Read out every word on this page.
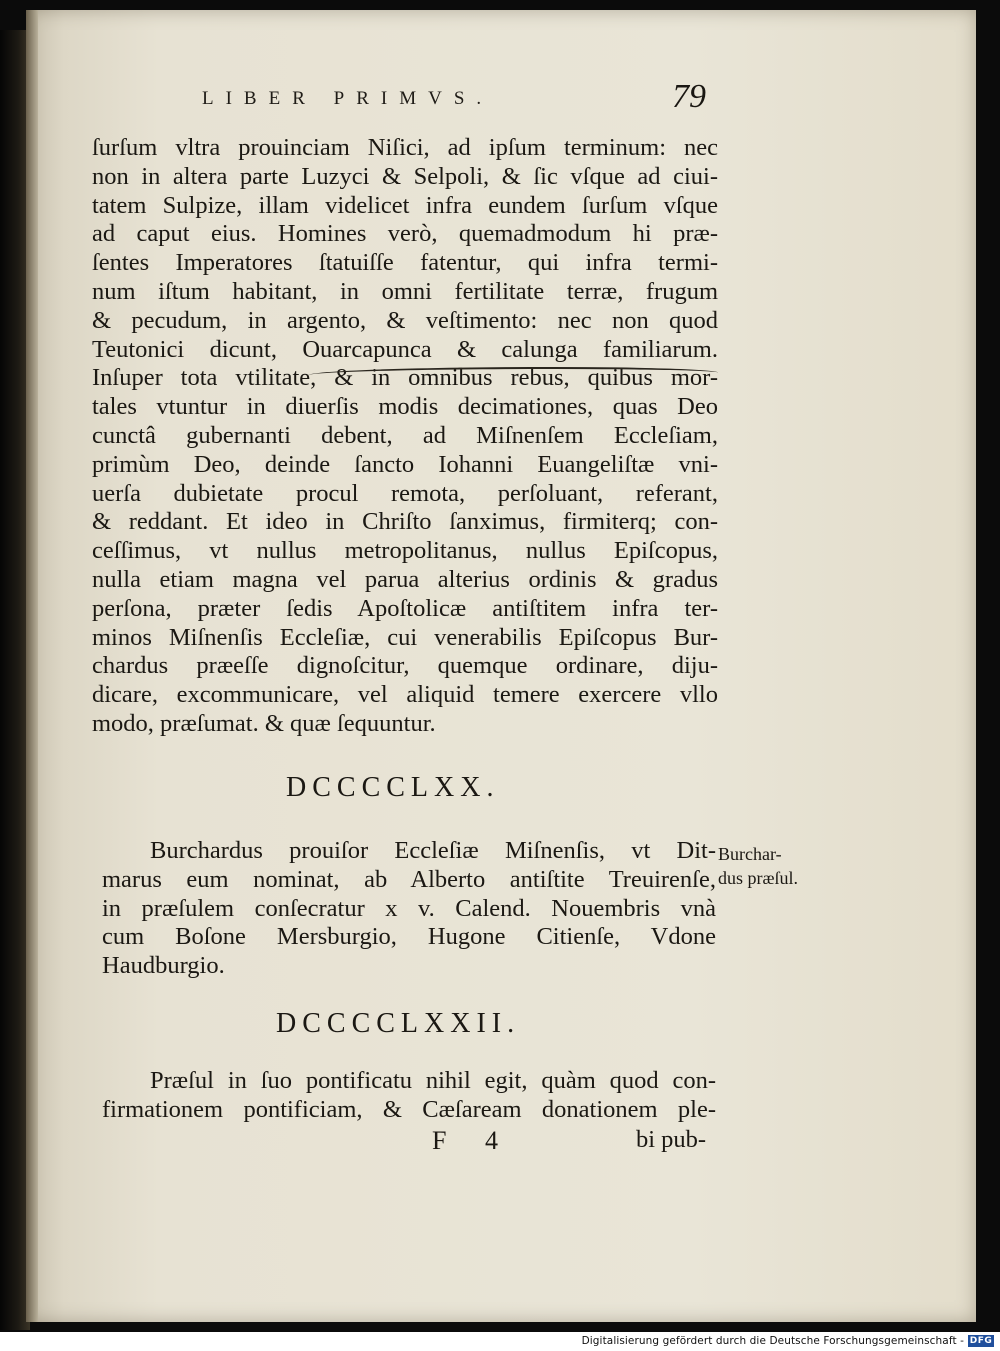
LIBER PRIMVS.	79
ſurſum vltra prouinciam Niſici, ad ipſum terminum: nec
non in altera parte Luzyci & Selpoli, & ſic vſque ad ciui-
tatem Sulpize, illam videlicet infra eundem ſurſum vſque
ad caput eius. Homines verò, quemadmodum hi præ-
ſentes Imperatores ſtatuiſſe fatentur, qui infra termi-
num iſtum habitant, in omni fertilitate terræ, frugum
& pecudum, in argento, & veſtimento: nec non quod
Teutonici dicunt, Ouarcapunca & calunga familiarum.
Inſuper tota vtilitate, & in omnibus rebus, quibus mor-
tales vtuntur in diuerſis modis decimationes, quas Deo
cunctâ gubernanti debent, ad Miſnenſem Eccleſiam,
primùm Deo, deinde ſancto Iohanni Euangeliſtæ vni-
uerſa dubietate procul remota, perſoluant, referant,
& reddant. Et ideo in Chriſto ſanximus, firmiterq; con-
ceſſimus, vt nullus metropolitanus, nullus Epiſcopus,
nulla etiam magna vel parua alterius ordinis & gradus
perſona, præter ſedis Apoſtolicæ antiſtitem infra ter-
minos Miſnenſis Eccleſiæ, cui venerabilis Epiſcopus Bur-
chardus præeſſe dignoſcitur, quemque ordinare, diju-
dicare, excommunicare, vel aliquid temere exercere vllo
modo, præſumat. & quæ ſequuntur.
DCCCCLXX.
Burchardus prouiſor Eccleſiæ Miſnenſis, vt Dit-
marus eum nominat, ab Alberto antiſtite Treuirenſe,
in præſulem conſecratur x v. Calend. Nouembris vnà
cum Boſone Mersburgio, Hugone Citienſe, Vdone
Haudburgio.
Burchar-
dus præſul.
DCCCCLXXII.
Præſul in ſuo pontificatu nihil egit, quàm quod con-
firmationem pontificiam, & Cæſaream donationem ple-
F 4	bi pub-
Digitalisierung gefördert durch die Deutsche Forschungsgemeinschaft - DFG
